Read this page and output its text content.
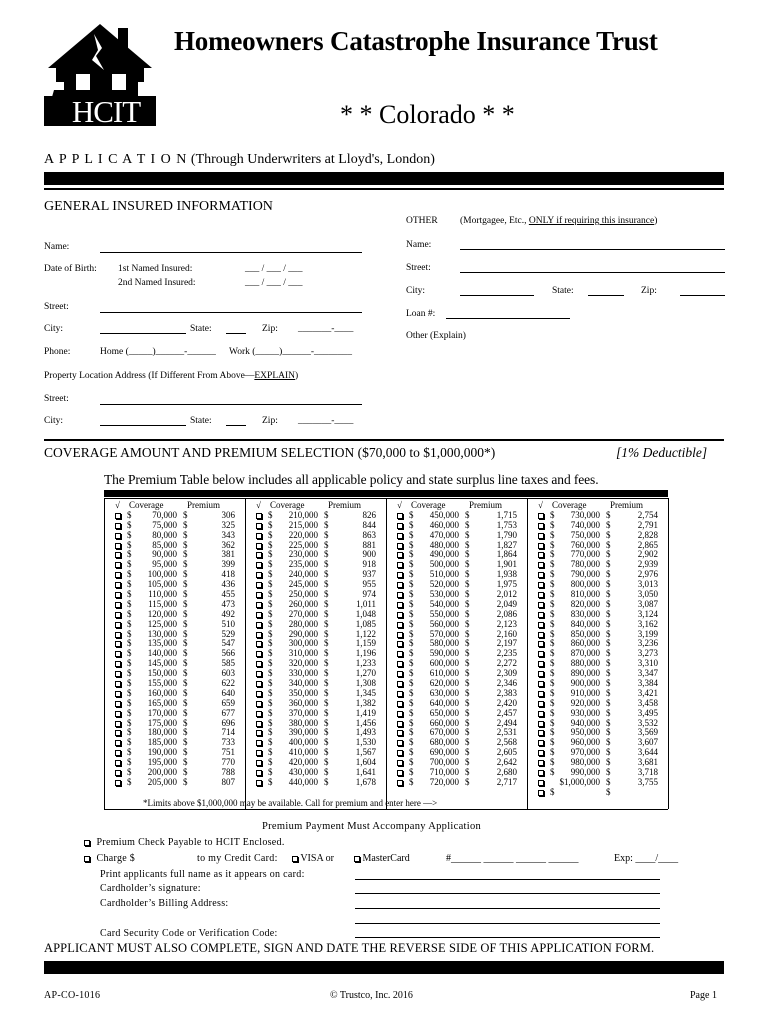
HCIT
Homeowners Catastrophe Insurance Trust
* * Colorado * *
A P P L I C A T I O N (Through Underwriters at Lloyd's, London)
GENERAL INSURED INFORMATION
Name:
Date of Birth: 1st Named Insured:	___ / ___ / ___
2nd Named Insured:	___ / ___ / ___
Street:
City:	State:	Zip: _______-____
Phone:	Home (_____)______-______ Work (_____)______-________
Property Location Address (If Different From Above—EXPLAIN)
Street:
City:	State:	Zip: _______-____
OTHER (Mortgagee, Etc., ONLY if requiring this insurance)
Name:
Street:
City:	State:	Zip:
Loan #:
Other (Explain)
COVERAGE AMOUNT AND PREMIUM SELECTION ($70,000 to $1,000,000*)	[1% Deductible]
The Premium Table below includes all applicable policy and state surplus line taxes and fees.
√ Coverage	Premium
$ 70,000 $	306
$ 75,000 $	325
$ 80,000 $	343
$ 85,000 $	362
$ 90,000 $	381
$ 95,000 $	399
$ 100,000 $	418
$ 105,000 $	436
$ 110,000 $	455
$ 115,000 $	473
$ 120,000 $	492
$ 125,000 $	510
$ 130,000 $	529
$ 135,000 $	547
$ 140,000 $	566
$ 145,000 $	585
$ 150,000 $	603
$ 155,000 $	622
$ 160,000 $	640
$ 165,000 $	659
$ 170,000 $	677
$ 175,000 $	696
$ 180,000 $	714
$ 185,000 $	733
$ 190,000 $	751
$ 195,000 $	770
$ 200,000 $	788
$ 205,000 $	807
√ Coverage	Premium
$ 210,000 $	826
$ 215,000 $	844
$ 220,000 $	863
$ 225,000 $	881
$ 230,000 $	900
$ 235,000 $	918
$ 240,000 $	937
$ 245,000 $	955
$ 250,000 $	974
$ 260,000 $	1,011
$ 270,000 $	1,048
$ 280,000 $	1,085
$ 290,000 $	1,122
$ 300,000 $	1,159
$ 310,000 $	1,196
$ 320,000 $	1,233
$ 330,000 $	1,270
$ 340,000 $	1,308
$ 350,000 $	1,345
$ 360,000 $	1,382
$ 370,000 $	1,419
$ 380,000 $	1,456
$ 390,000 $	1,493
$ 400,000 $	1,530
$ 410,000 $	1,567
$ 420,000 $	1,604
$ 430,000 $	1,641
$ 440,000 $	1,678
√ Coverage	Premium
$ 450,000 $	1,715
$ 460,000 $	1,753
$ 470,000 $	1,790
$ 480,000 $	1,827
$ 490,000 $	1,864
$ 500,000 $	1,901
$ 510,000 $	1,938
$ 520,000 $	1,975
$ 530,000 $	2,012
$ 540,000 $	2,049
$ 550,000 $	2,086
$ 560,000 $	2,123
$ 570,000 $	2,160
$ 580,000 $	2,197
$ 590,000 $	2,235
$ 600,000 $	2,272
$ 610,000 $	2,309
$ 620,000 $	2,346
$ 630,000 $	2,383
$ 640,000 $	2,420
$ 650,000 $	2,457
$ 660,000 $	2,494
$ 670,000 $	2,531
$ 680,000 $	2,568
$ 690,000 $	2,605
$ 700,000 $	2,642
$ 710,000 $	2,680
$ 720,000 $	2,717
√ Coverage	Premium
$ 730,000 $	2,754
$ 740,000 $	2,791
$ 750,000 $	2,828
$ 760,000 $	2,865
$ 770,000 $	2,902
$ 780,000 $	2,939
$ 790,000 $	2,976
$ 800,000 $	3,013
$ 810,000 $	3,050
$ 820,000 $	3,087
$ 830,000 $	3,124
$ 840,000 $	3,162
$ 850,000 $	3,199
$ 860,000 $	3,236
$ 870,000 $	3,273
$ 880,000 $	3,310
$ 890,000 $	3,347
$ 900,000 $	3,384
$ 910,000 $	3,421
$ 920,000 $	3,458
$ 930,000 $	3,495
$ 940,000 $	3,532
$ 950,000 $	3,569
$ 960,000 $	3,607
$ 970,000 $	3,644
$ 980,000 $	3,681
$ 990,000 $	3,718
$1,000,000 $	3,755
$	$
*Limits above $1,000,000 may be available. Call for premium and enter here —>
Premium Payment Must Accompany Application
Premium Check Payable to HCIT Enclosed.
Charge $	to my Credit Card:	VISA or	MasterCard	#______ ______ ______ ______	Exp: ____/____
Print applicants full name as it appears on card:
Cardholder’s signature:
Cardholder’s Billing Address:
Card Security Code or Verification Code:
APPLICANT MUST ALSO COMPLETE, SIGN AND DATE THE REVERSE SIDE OF THIS APPLICATION FORM.
AP-CO-1016	© Trustco, Inc. 2016	Page 1
